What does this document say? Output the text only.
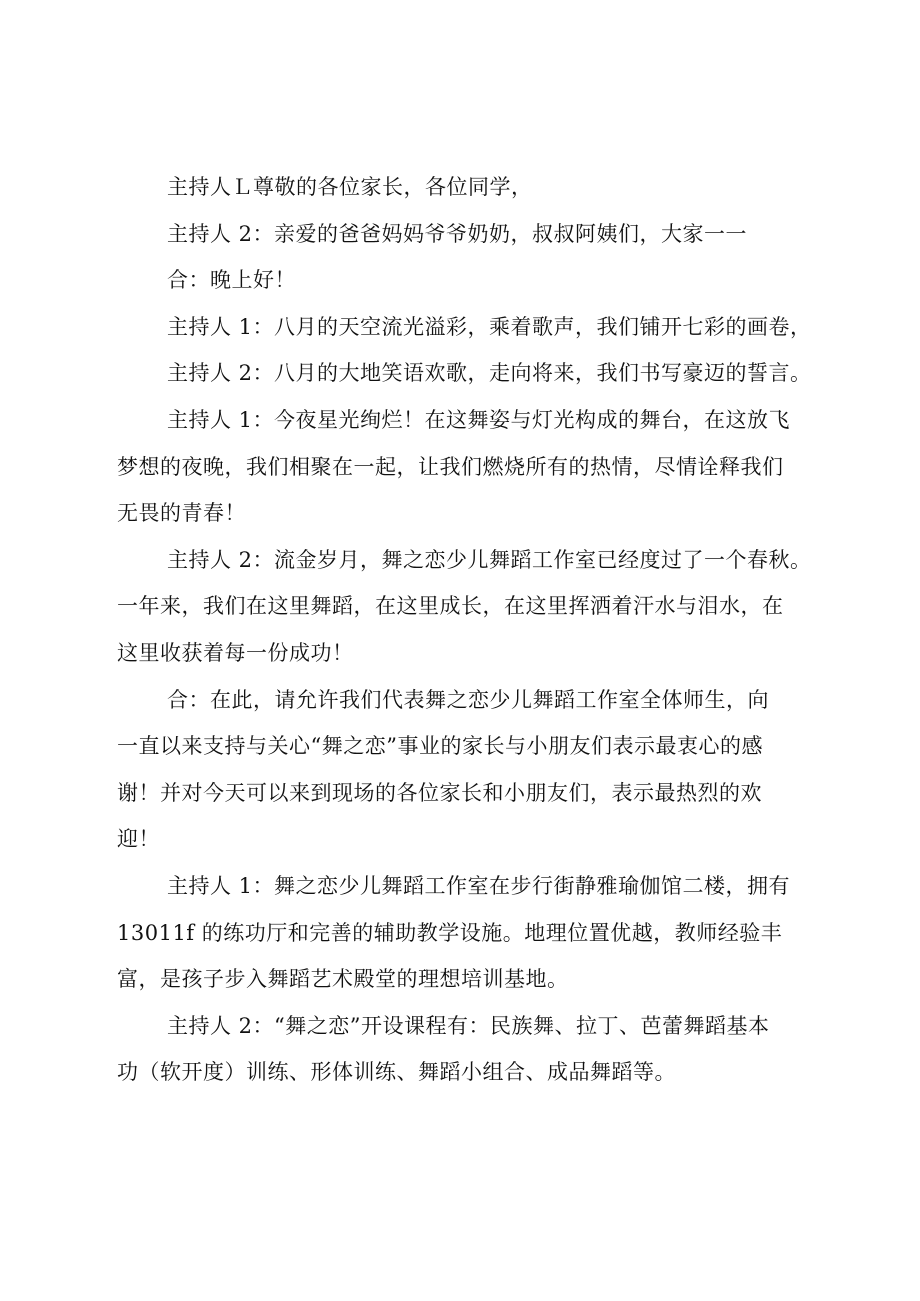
主持人Ｌ尊敬的各位家长，各位同学，

主持人 2：亲爱的爸爸妈妈爷爷奶奶，叔叔阿姨们，大家一一

合：晚上好！

主持人 1：八月的天空流光溢彩，乘着歌声，我们铺开七彩的画卷，

主持人 2：八月的大地笑语欢歌，走向将来，我们书写豪迈的誓言。

主持人 1：今夜星光绚烂！在这舞姿与灯光构成的舞台，在这放飞
梦想的夜晚，我们相聚在一起，让我们燃烧所有的热情，尽情诠释我们
无畏的青春！

主持人 2：流金岁月，舞之恋少儿舞蹈工作室已经度过了一个春秋。
一年来，我们在这里舞蹈，在这里成长，在这里挥洒着汗水与泪水，在
这里收获着每一份成功！

合：在此，请允许我们代表舞之恋少儿舞蹈工作室全体师生，向
一直以来支持与关心“舞之恋”事业的家长与小朋友们表示最衷心的感
谢！并对今天可以来到现场的各位家长和小朋友们，表示最热烈的欢
迎！

主持人 1：舞之恋少儿舞蹈工作室在步行街静雅瑜伽馆二楼，拥有
13011f 的练功厅和完善的辅助教学设施。地理位置优越，教师经验丰
富，是孩子步入舞蹈艺术殿堂的理想培训基地。

主持人 2：“舞之恋”开设课程有：民族舞、拉丁、芭蕾舞蹈基本
功（软开度）训练、形体训练、舞蹈小组合、成品舞蹈等。
